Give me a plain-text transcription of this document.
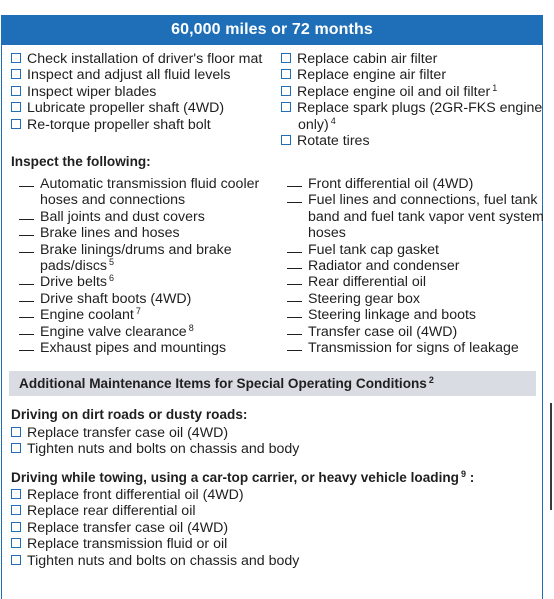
60,000 miles or 72 months
Check installation of driver's floor mat
Inspect and adjust all fluid levels
Inspect wiper blades
Lubricate propeller shaft (4WD)
Re-torque propeller shaft bolt
Replace cabin air filter
Replace engine air filter
Replace engine oil and oil filter $^1$
Replace spark plugs (2GR-FKS engine
only) $^4$
Rotate tires
Inspect the following:
Automatic transmission fluid cooler
hoses and connections
Ball joints and dust covers
Brake lines and hoses
Brake linings/drums and brake
pads/discs $^5$
Drive belts $^6$
Drive shaft boots (4WD)
Engine coolant $^7$
Engine valve clearance $^8$
Exhaust pipes and mountings
Front differential oil (4WD)
Fuel lines and connections, fuel tank
band and fuel tank vapor vent system
hoses
Fuel tank cap gasket
Radiator and condenser
Rear differential oil
Steering gear box
Steering linkage and boots
Transfer case oil (4WD)
Transmission for signs of leakage
Additional Maintenance Items for Special Operating Conditions $^2$
Driving on dirt roads or dusty roads:
Replace transfer case oil (4WD)
Tighten nuts and bolts on chassis and body
Driving while towing, using a car-top carrier, or heavy vehicle loading $^9$ :
Replace front differential oil (4WD)
Replace rear differential oil
Replace transfer case oil (4WD)
Replace transmission fluid or oil
Tighten nuts and bolts on chassis and body
